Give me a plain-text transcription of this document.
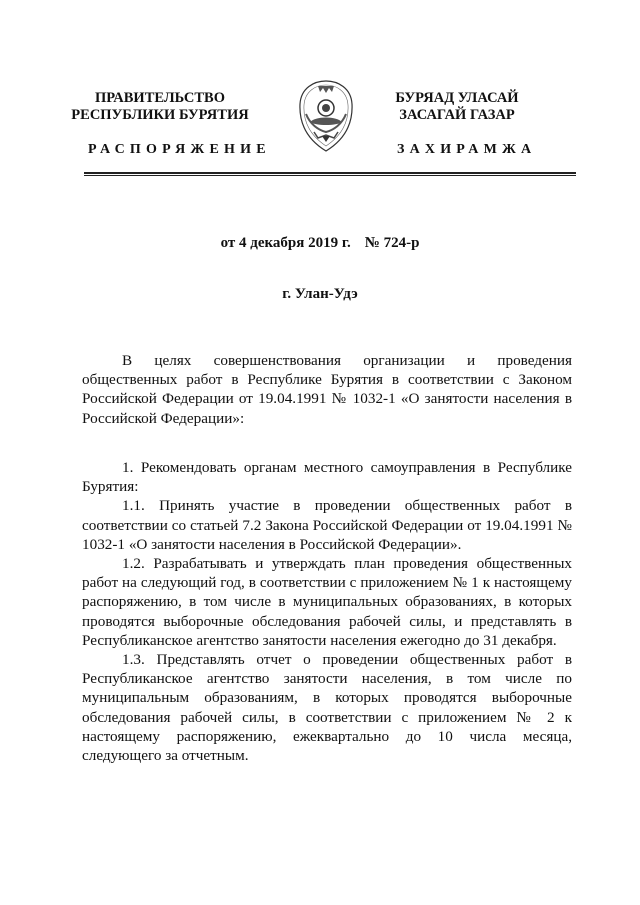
ПРАВИТЕЛЬСТВО
РЕСПУБЛИКИ БУРЯТИЯ
БУРЯАД УЛАСАЙ
ЗАСАГАЙ ГАЗАР
РАСПОРЯЖЕНИЕ	ЗАХИРАМЖА
от 4 декабря 2019 г. № 724-р
г. Улан-Удэ

В целях совершенствования организации и проведения общественных работ в Республике Бурятия в соответствии с Законом Российской Федерации от 19.04.1991 № 1032-1 «О занятости населения в Российской Федерации»:

1. Рекомендовать органам местного самоуправления в Республике Бурятия:

1.1. Принять участие в проведении общественных работ в соответствии со статьей 7.2 Закона Российской Федерации от 19.04.1991 № 1032-1 «О занятости населения в Российской Федерации».

1.2. Разрабатывать и утверждать план проведения общественных работ на следующий год, в соответствии с приложением № 1 к настоящему распоряжению, в том числе в муниципальных образованиях, в которых проводятся выборочные обследования рабочей силы, и представлять в Республиканское агентство занятости населения ежегодно до 31 декабря.

1.3. Представлять отчет о проведении общественных работ в Республиканское агентство занятости населения, в том числе по муниципальным образованиям, в которых проводятся выборочные обследования рабочей силы, в соответствии с приложением № 2 к настоящему распоряжению, ежеквартально до 10 числа месяца, следующего за отчетным.
